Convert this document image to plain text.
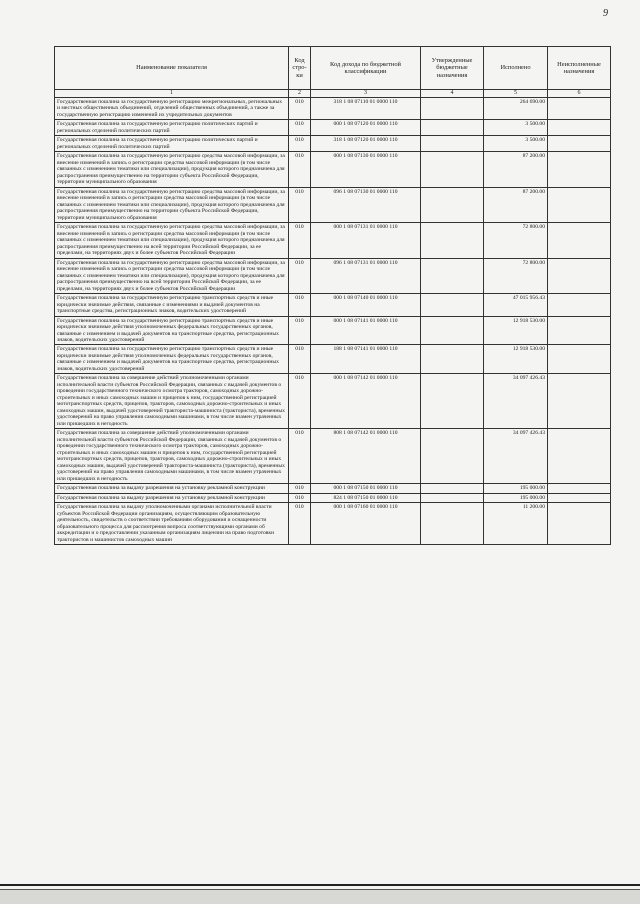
9
Наименование показателя	Код стро-ки	Код дохода по бюджетной классификации	Утвержденные бюджетные назначения	Исполнено	Неисполненные назначения
1	2	3	4	5	6
Государственная пошлина за государственную регистрацию межрегиональных, региональных и местных общественных объединений, отделений общественных объединений, а также за государственную регистрацию изменений их учредительных документов	010	318 1 08 07110 01 0000 110		264 690.00	
Государственная пошлина за государственную регистрацию политических партий и региональных отделений политических партий	010	000 1 08 07120 01 0000 110		3 500.00	
Государственная пошлина за государственную регистрацию политических партий и региональных отделений политических партий	010	318 1 08 07120 01 0000 110		3 500.00	
Государственная пошлина за государственную регистрацию средства массовой информации, за внесение изменений в запись о регистрации средства массовой информации (в том числе связанных с изменением тематики или специализации), продукция которого предназначена для распространения преимущественно на территории субъекта Российской Федерации, территории муниципального образования	010	000 1 08 07130 01 0000 110		87 200.00	
Государственная пошлина за государственную регистрацию средства массовой информации, за внесение изменений в запись о регистрации средства массовой информации (в том числе связанных с изменением тематики или специализации), продукция которого предназначена для распространения преимущественно на территории субъекта Российской Федерации, территории муниципального образования	010	096 1 08 07130 01 0000 110		87 200.00	
Государственная пошлина за государственную регистрацию средства массовой информации, за внесение изменений в запись о регистрации средства массовой информации (в том числе связанных с изменением тематики или специализации), продукция которого предназначена для распространения преимущественно на всей территории Российской Федерации, за ее пределами, на территориях двух и более субъектов Российской Федерации	010	000 1 08 07131 01 0000 110		72 800.00	
Государственная пошлина за государственную регистрацию средства массовой информации, за внесение изменений в запись о регистрации средства массовой информации (в том числе связанных с изменением тематики или специализации), продукция которого предназначена для распространения преимущественно на всей территории Российской Федерации, за ее пределами, на территориях двух и более субъектов Российской Федерации	010	096 1 08 07131 01 0000 110		72 800.00	
Государственная пошлина за государственную регистрацию транспортных средств и иные юридически значимые действия, связанные с изменениями и выдачей документов на транспортные средства, регистрационных знаков, водительских удостоверений	010	000 1 08 07140 01 0000 110		47 015 956.43	
Государственная пошлина за государственную регистрацию транспортных средств и иные юридически значимые действия уполномоченных федеральных государственных органов, связанные с изменением и выдачей документов на транспортные средства, регистрационных знаков, водительских удостоверений	010	000 1 08 07141 01 0000 110		12 918 530.00	
Государственная пошлина за государственную регистрацию транспортных средств и иные юридически значимые действия уполномоченных федеральных государственных органов, связанные с изменением и выдачей документов на транспортные средства, регистрационных знаков, водительских удостоверений	010	188 1 08 07141 01 0000 110		12 918 530.00	
Государственная пошлина за совершение действий уполномоченными органами исполнительной власти субъектов Российской Федерации, связанных с выдачей документов о проведении государственного технического осмотра тракторов, самоходных дорожно-строительных и иных самоходных машин и прицепов к ним, государственной регистрацией мототранспортных средств, прицепов, тракторов, самоходных дорожно-строительных и иных самоходных машин, выдачей удостоверений тракториста-машиниста (тракториста), временных удостоверений на право управления самоходными машинами, в том числе взамен утраченных или пришедших в негодность	010	000 1 08 07142 01 0000 110		34 097 426.43	
Государственная пошлина за совершение действий уполномоченными органами исполнительной власти субъектов Российской Федерации, связанных с выдачей документов о проведении государственного технического осмотра тракторов, самоходных дорожно-строительных и иных самоходных машин и прицепов к ним, государственной регистрацией мототранспортных средств, прицепов, тракторов, самоходных дорожно-строительных и иных самоходных машин, выдачей удостоверений тракториста-машиниста (тракториста), временных удостоверений на право управления самоходными машинами, в том числе взамен утраченных или пришедших в негодность	010	808 1 08 07142 01 0000 110		34 097 426.43	
Государственная пошлина за выдачу разрешения на установку рекламной конструкции	010	000 1 08 07150 01 0000 110		195 000.00	
Государственная пошлина за выдачу разрешения на установку рекламной конструкции	010	824 1 08 07150 01 0000 110		195 000.00	
Государственная пошлина за выдачу уполномоченными органами исполнительной власти субъектов Российской Федерации организациям, осуществляющим образовательную деятельность, свидетельств о соответствии требованиям оборудования и оснащенности образовательного процесса для рассмотрения вопроса соответствующими органами об аккредитации и о предоставлении указанным организациям лицензии на право подготовки трактористов и машинистов самоходных машин	010	000 1 08 07160 01 0000 110		11 200.00	
